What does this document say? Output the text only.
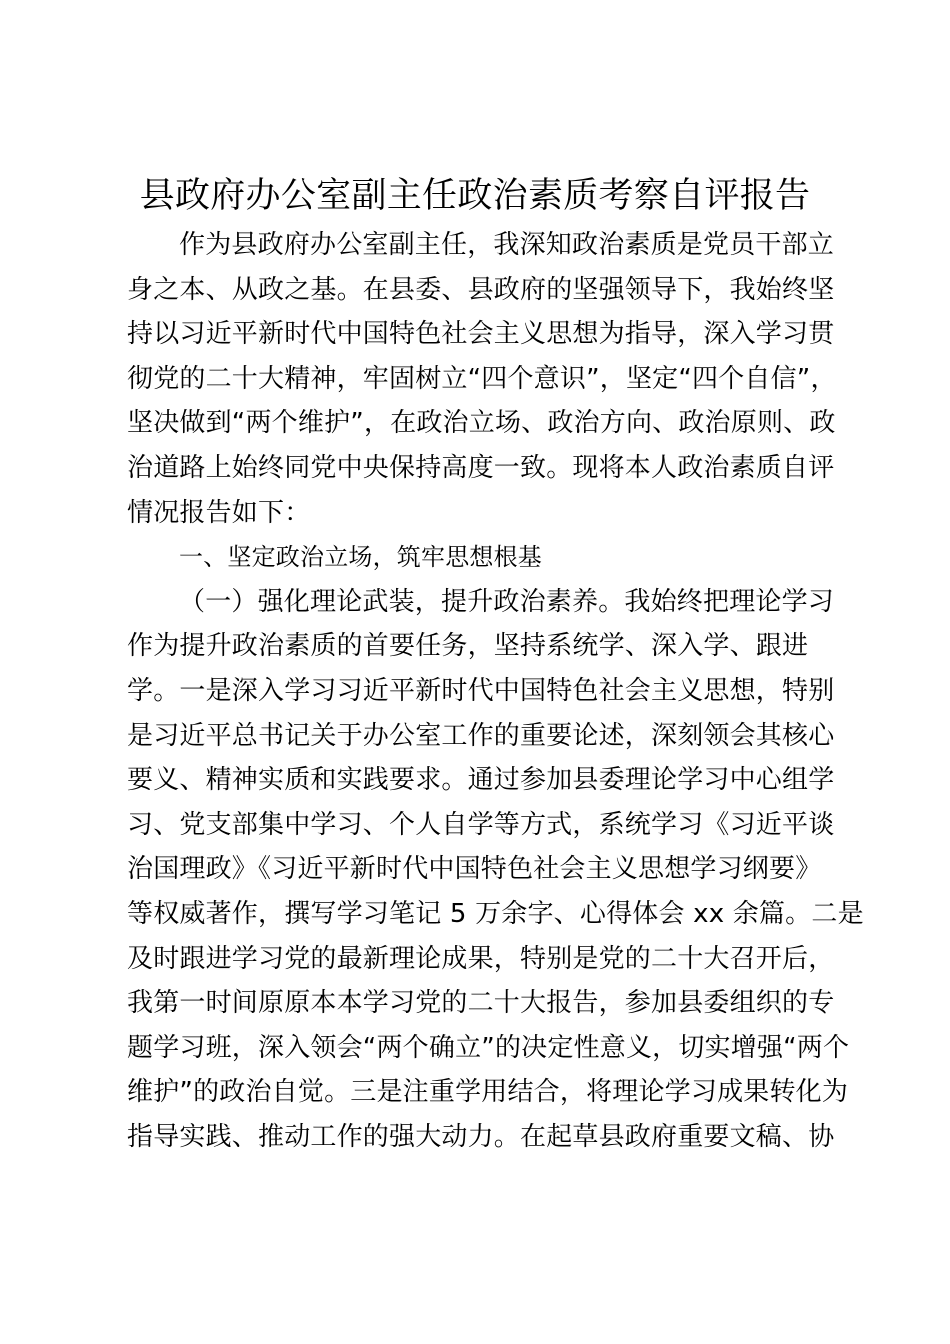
县政府办公室副主任政治素质考察自评报告
作为县政府办公室副主任，我深知政治素质是党员干部立
身之本、从政之基。在县委、县政府的坚强领导下，我始终坚
持以习近平新时代中国特色社会主义思想为指导，深入学习贯
彻党的二十大精神，牢固树立“四个意识”，坚定“四个自信”，
坚决做到“两个维护”，在政治立场、政治方向、政治原则、政
治道路上始终同党中央保持高度一致。现将本人政治素质自评
情况报告如下：
一、坚定政治立场，筑牢思想根基
（一）强化理论武装，提升政治素养。我始终把理论学习
作为提升政治素质的首要任务，坚持系统学、深入学、跟进
学。一是深入学习习近平新时代中国特色社会主义思想，特别
是习近平总书记关于办公室工作的重要论述，深刻领会其核心
要义、精神实质和实践要求。通过参加县委理论学习中心组学
习、党支部集中学习、个人自学等方式，系统学习《习近平谈
治国理政》《习近平新时代中国特色社会主义思想学习纲要》
等权威著作，撰写学习笔记 5 万余字、心得体会 xx 余篇。二是
及时跟进学习党的最新理论成果，特别是党的二十大召开后，
我第一时间原原本本学习党的二十大报告，参加县委组织的专
题学习班，深入领会“两个确立”的决定性意义，切实增强“两个
维护”的政治自觉。三是注重学用结合，将理论学习成果转化为
指导实践、推动工作的强大动力。在起草县政府重要文稿、协
